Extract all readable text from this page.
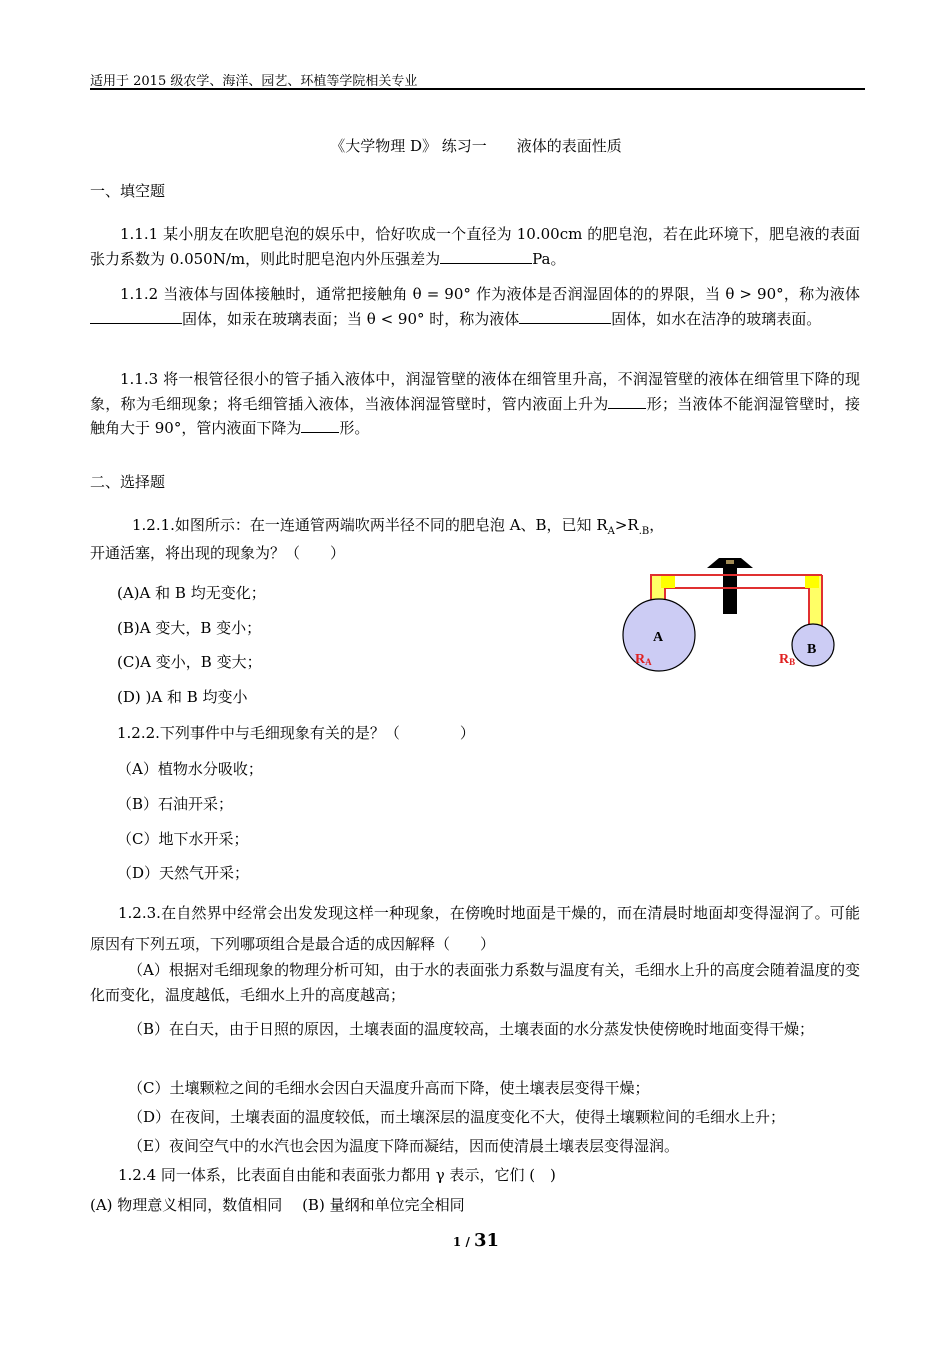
适用于 2015 级农学、海洋、园艺、环植等学院相关专业
《大学物理 D》 练习一　　液体的表面性质
一、填空题
1.1.1 某小朋友在吹肥皂泡的娱乐中，恰好吹成一个直径为 10.00cm 的肥皂泡，若在此环境下，肥皂液的表面张力系数为 0.050N/m，则此时肥皂泡内外压强差为	Pa。
1.1.2 当液体与固体接触时，通常把接触角 θ = 90° 作为液体是否润湿固体的的界限，当 θ > 90°，称为液体固体，如汞在玻璃表面；当 θ < 90° 时，称为液体	固体，如水在洁净的玻璃表面。
1.1.3 将一根管径很小的管子插入液体中，润湿管壁的液体在细管里升高，不润湿管壁的液体在细管里下降的现象，称为毛细现象；将毛细管插入液体，当液体润湿管壁时，管内液面上升为	形；当液体不能润湿管壁时，接触角大于 90°，管内液面下降为	形。
二、选择题
1.2.1.如图所示：在一连通管两端吹两半径不同的肥皂泡 A、B，已知 $R_A>R_{.B}$，
开通活塞，将出现的现象为？（　　）
(A)A 和 B 均无变化；
(B)A 变大，B 变小；
(C)A 变小，B 变大；
(D) )A 和 B 均变小
A
B
RA	RB
1.2.2.下列事件中与毛细现象有关的是？（　　　　）
（A）植物水分吸收；
（B）石油开采；
（C）地下水开采；
（D）天然气开采；
1.2.3.在自然界中经常会出发发现这样一种现象，在傍晚时地面是干燥的，而在清晨时地面却变得湿润了。可能原因有下列五项，下列哪项组合是最合适的成因解释（　　）
（A）根据对毛细现象的物理分析可知，由于水的表面张力系数与温度有关，毛细水上升的高度会随着温度的变化而变化，温度越低，毛细水上升的高度越高；
（B）在白天，由于日照的原因，土壤表面的温度较高，土壤表面的水分蒸发快使傍晚时地面变得干燥；
（C）土壤颗粒之间的毛细水会因白天温度升高而下降，使土壤表层变得干燥；
（D）在夜间，土壤表面的温度较低，而土壤深层的温度变化不大，使得土壤颗粒间的毛细水上升；
（E）夜间空气中的水汽也会因为温度下降而凝结，因而使清晨土壤表层变得湿润。
1.2.4 同一体系，比表面自由能和表面张力都用 γ 表示，它们 (　)
(A) 物理意义相同，数值相同　 (B) 量纲和单位完全相同
1 / 31
